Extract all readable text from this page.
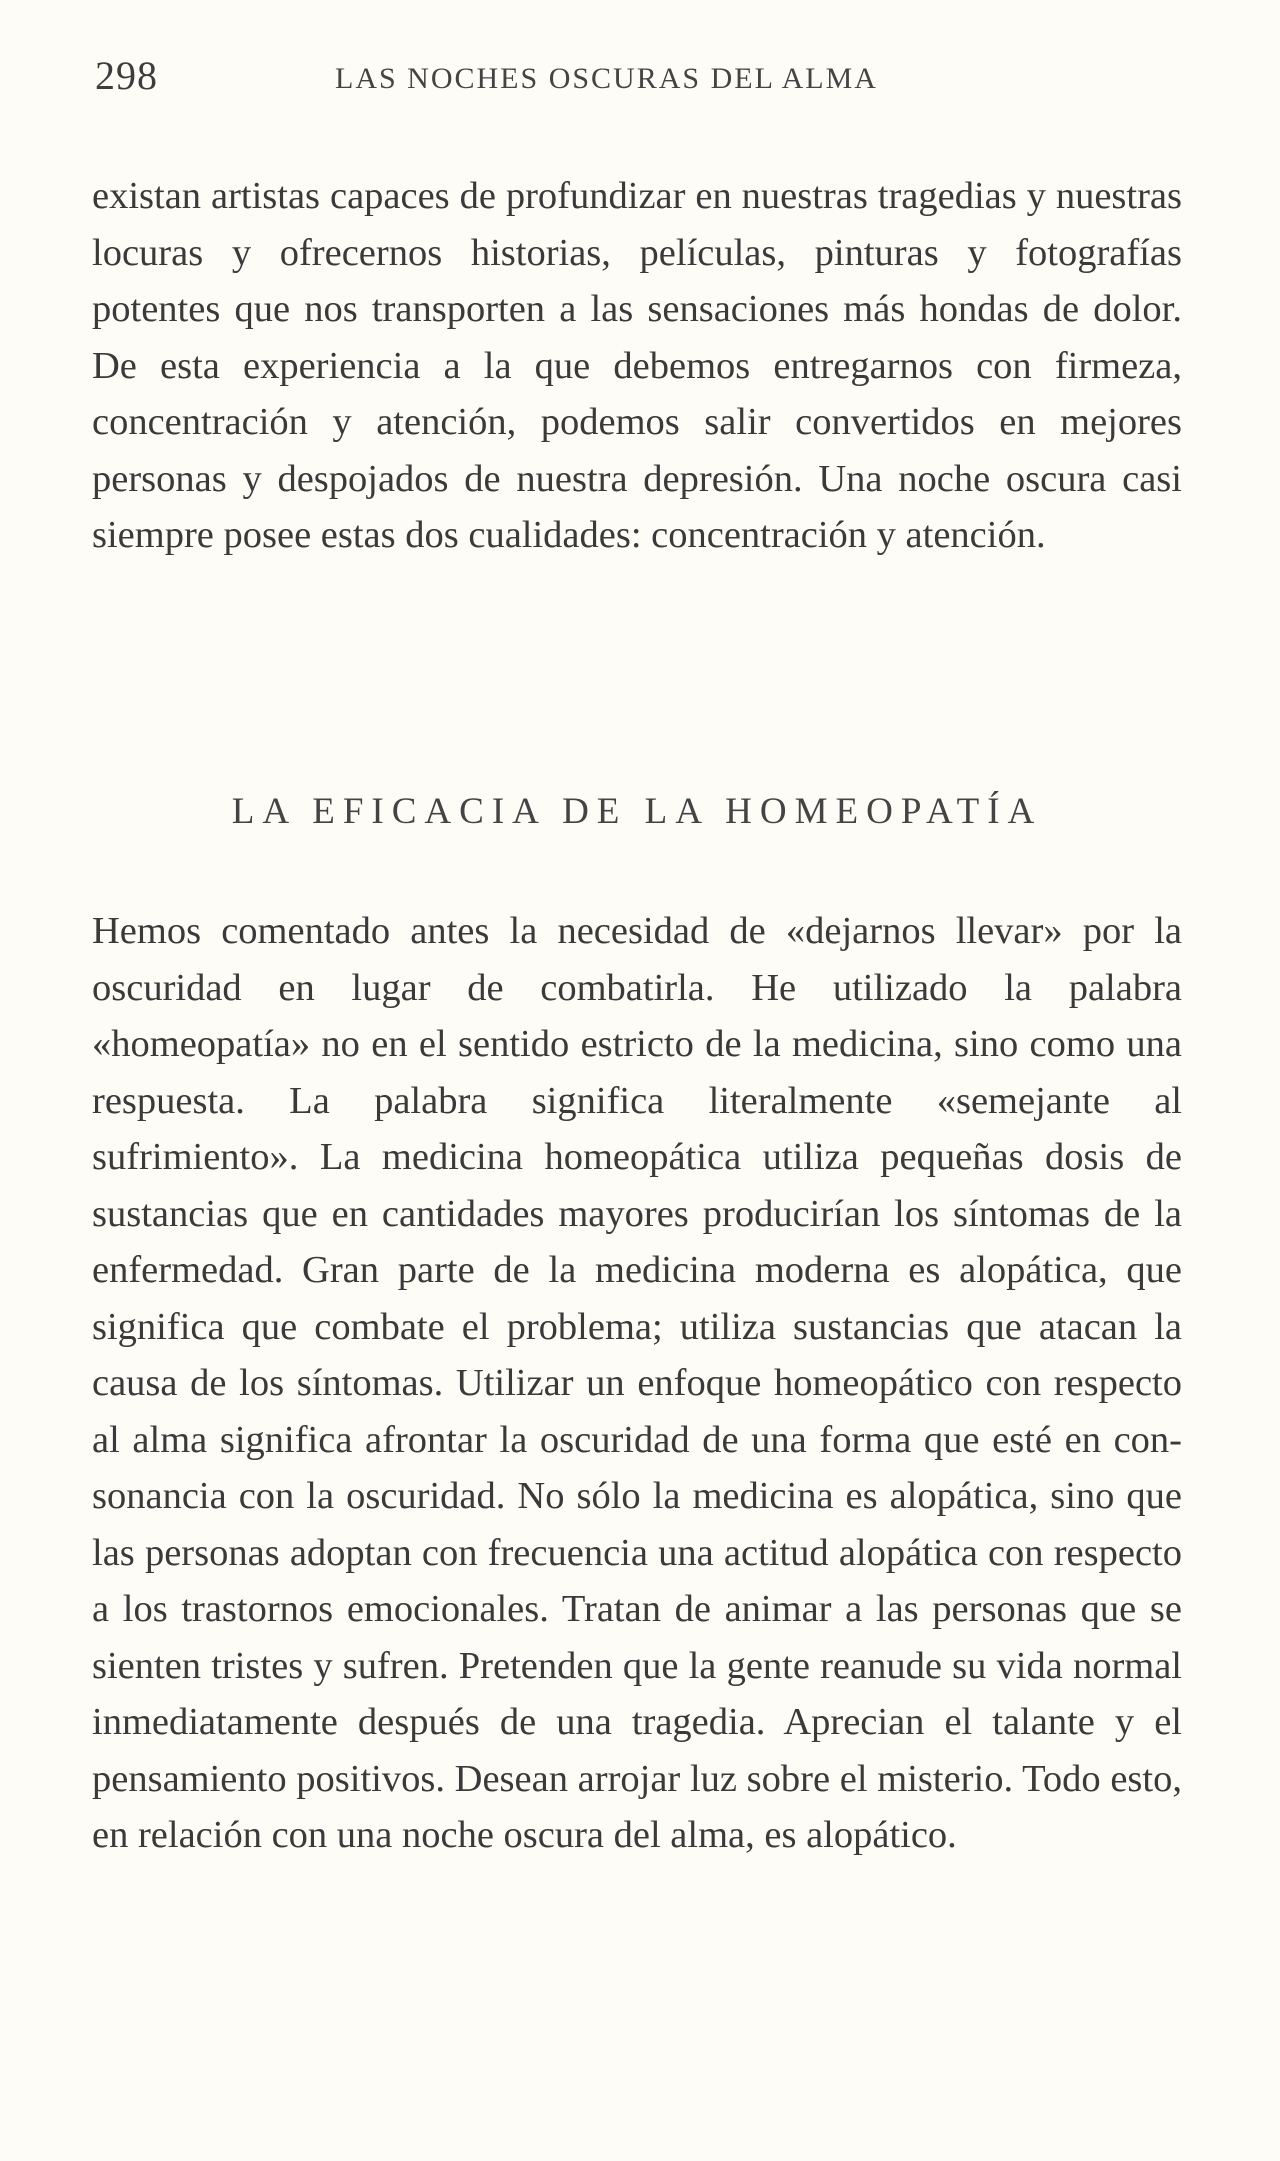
298	LAS NOCHES OSCURAS DEL ALMA

existan artistas capaces de profundizar en nuestras tragedias y nuestras locuras y ofrecernos historias, películas, pinturas y fotografías potentes que nos transporten a las sensaciones más hondas de dolor. De esta experiencia a la que debemos entregarnos con firmeza, concentración y atención, podemos salir convertidos en mejores personas y despojados de nuestra depresión. Una noche oscura casi siempre posee estas dos cualidades: concentración y atención.

LA EFICACIA DE LA HOMEOPATÍA

Hemos comentado antes la necesidad de «dejarnos llevar» por la oscuridad en lugar de combatirla. He utilizado la palabra «homeopatía» no en el sentido estricto de la medicina, sino como una respuesta. La palabra significa literalmente «semejante al sufrimiento». La medicina homeopática utiliza pequeñas dosis de sustancias que en cantidades mayores producirían los síntomas de la enfermedad. Gran parte de la medicina moderna es alopática, que significa que combate el problema; utiliza sustancias que atacan la causa de los síntomas. Utilizar un enfoque homeopático con respecto al alma significa afrontar la oscuridad de una forma que esté en consonancia con la oscuridad. No sólo la medicina es alopática, sino que las personas adoptan con frecuencia una actitud alopática con respecto a los trastornos emocionales. Tratan de animar a las personas que se sienten tristes y sufren. Pretenden que la gente reanude su vida normal inmediatamente después de una tragedia. Aprecian el talante y el pensamiento positivos. Desean arrojar luz sobre el misterio. Todo esto, en relación con una noche oscura del alma, es alopático.
